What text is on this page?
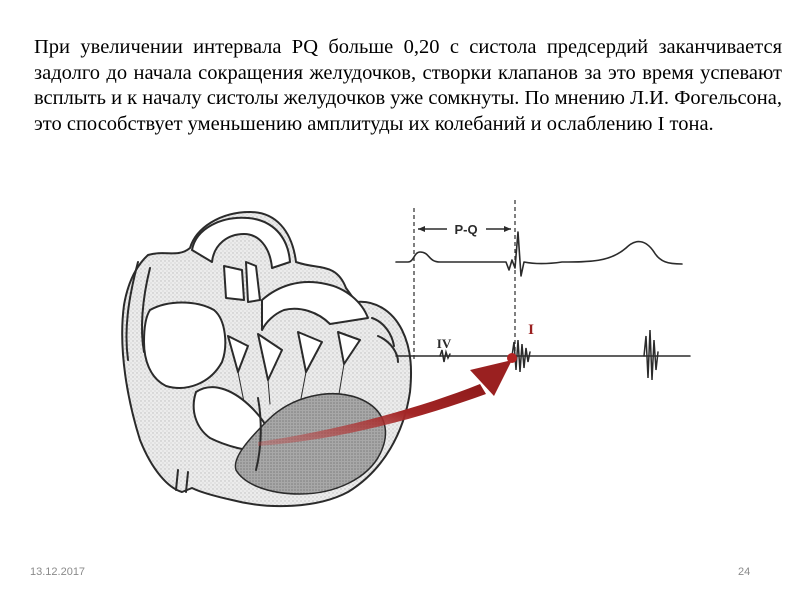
При увеличении интервала PQ больше 0,20 с систола предсердий заканчивается задолго до начала сокращения желудочков, створки клапанов за это время успевают всплыть и к началу систолы желудочков уже сомкнуты. По мнению Л.И. Фогельсона, это способствует уменьшению амплитуды их колебаний и ослаблению I тона.

P-Q
IV
I
13.12.2017	24
